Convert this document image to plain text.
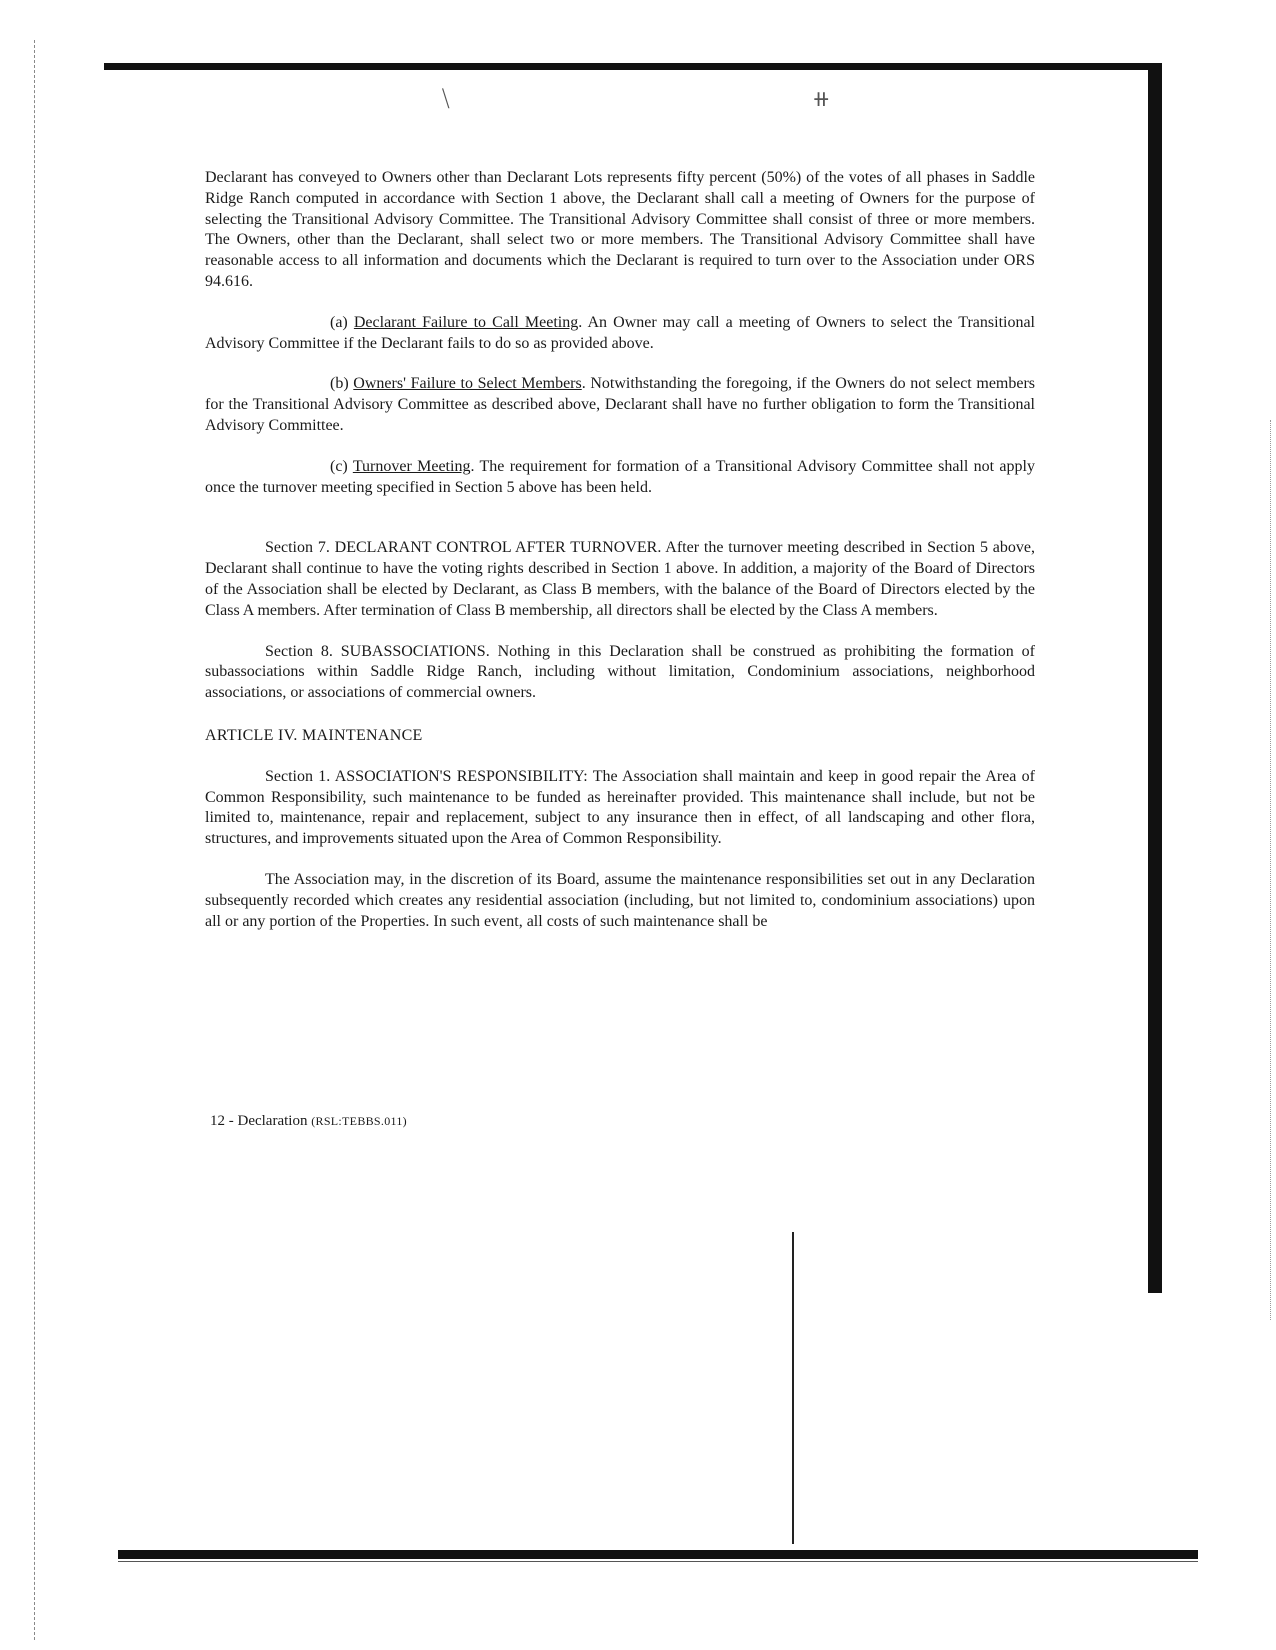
⧹	⧺

Declarant has conveyed to Owners other than Declarant Lots represents fifty percent (50%) of the votes of all phases in Saddle Ridge Ranch computed in accordance with Section 1 above, the Declarant shall call a meeting of Owners for the purpose of selecting the Transitional Advisory Committee. The Transitional Advisory Committee shall consist of three or more members. The Owners, other than the Declarant, shall select two or more members. The Transitional Advisory Committee shall have reasonable access to all information and documents which the Declarant is required to turn over to the Association under ORS 94.616.

(a) Declarant Failure to Call Meeting. An Owner may call a meeting of Owners to select the Transitional Advisory Committee if the Declarant fails to do so as provided above.

(b) Owners' Failure to Select Members. Notwithstanding the foregoing, if the Owners do not select members for the Transitional Advisory Committee as described above, Declarant shall have no further obligation to form the Transitional Advisory Committee.

(c) Turnover Meeting. The requirement for formation of a Transitional Advisory Committee shall not apply once the turnover meeting specified in Section 5 above has been held.

Section 7. DECLARANT CONTROL AFTER TURNOVER. After the turnover meeting described in Section 5 above, Declarant shall continue to have the voting rights described in Section 1 above. In addition, a majority of the Board of Directors of the Association shall be elected by Declarant, as Class B members, with the balance of the Board of Directors elected by the Class A members. After termination of Class B membership, all directors shall be elected by the Class A members.

Section 8. SUBASSOCIATIONS. Nothing in this Declaration shall be construed as prohibiting the formation of subassociations within Saddle Ridge Ranch, including without limitation, Condominium associations, neighborhood associations, or associations of commercial owners.

ARTICLE IV. MAINTENANCE

Section 1. ASSOCIATION'S RESPONSIBILITY: The Association shall maintain and keep in good repair the Area of Common Responsibility, such maintenance to be funded as hereinafter provided. This maintenance shall include, but not be limited to, maintenance, repair and replacement, subject to any insurance then in effect, of all landscaping and other flora, structures, and improvements situated upon the Area of Common Responsibility.

The Association may, in the discretion of its Board, assume the maintenance responsibilities set out in any Declaration subsequently recorded which creates any residential association (including, but not limited to, condominium associations) upon all or any portion of the Properties. In such event, all costs of such maintenance shall be

12 - Declaration (RSL:TEBBS.011)
